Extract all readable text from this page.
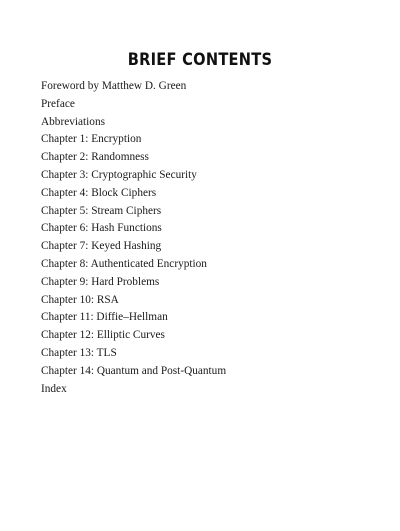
BRIEF CONTENTS
Foreword by Matthew D. Green
Preface
Abbreviations
Chapter 1: Encryption
Chapter 2: Randomness
Chapter 3: Cryptographic Security
Chapter 4: Block Ciphers
Chapter 5: Stream Ciphers
Chapter 6: Hash Functions
Chapter 7: Keyed Hashing
Chapter 8: Authenticated Encryption
Chapter 9: Hard Problems
Chapter 10: RSA
Chapter 11: Diffie–Hellman
Chapter 12: Elliptic Curves
Chapter 13: TLS
Chapter 14: Quantum and Post-Quantum
Index
